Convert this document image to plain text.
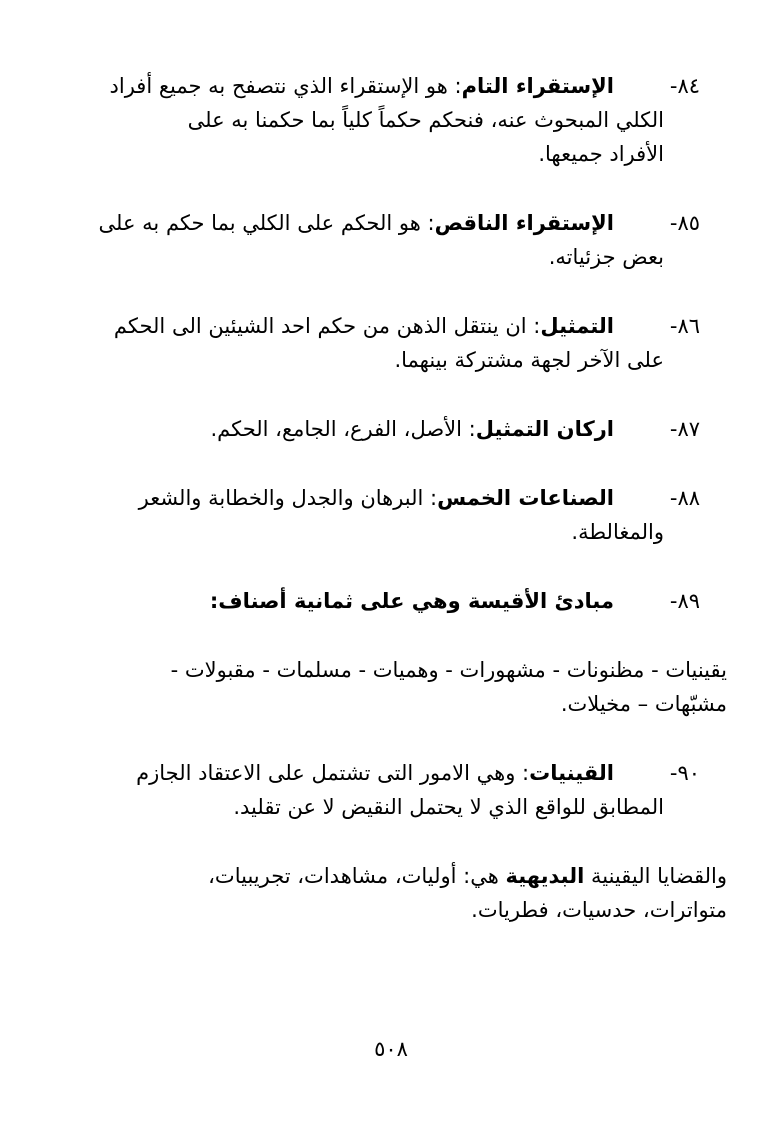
٨٤-الإستقراء التام: هو الإستقراء الذي نتصفح به جميع أفراد
الكلي المبحوث عنه، فنحكم حكماً كلياً بما حكمنا به على
الأفراد جميعها.
٨٥-الإستقراء الناقص: هو الحكم على الكلي بما حكم به على
بعض جزئياته.
٨٦-التمثيل: ان ينتقل الذهن من حكم احد الشيئين الى الحكم
على الآخر لجهة مشتركة بينهما.
٨٧-اركان التمثيل: الأصل، الفرع، الجامع، الحكم.
٨٨-الصناعات الخمس: البرهان والجدل والخطابة والشعر
والمغالطة.
٨٩-مبادئ الأقيسة وهي على ثمانية أصناف:
يقينيات - مظنونات - مشهورات - وهميات - مسلمات - مقبولات -
مشبّهات – مخيلات.
٩٠-القينيات: وهي الامور التى تشتمل على الاعتقاد الجازم
المطابق للواقع الذي لا يحتمل النقيض لا عن تقليد.
والقضايا اليقينية البديهية هي: أوليات، مشاهدات، تجريبيات،
متواترات، حدسيات، فطريات.
٥٠٨
